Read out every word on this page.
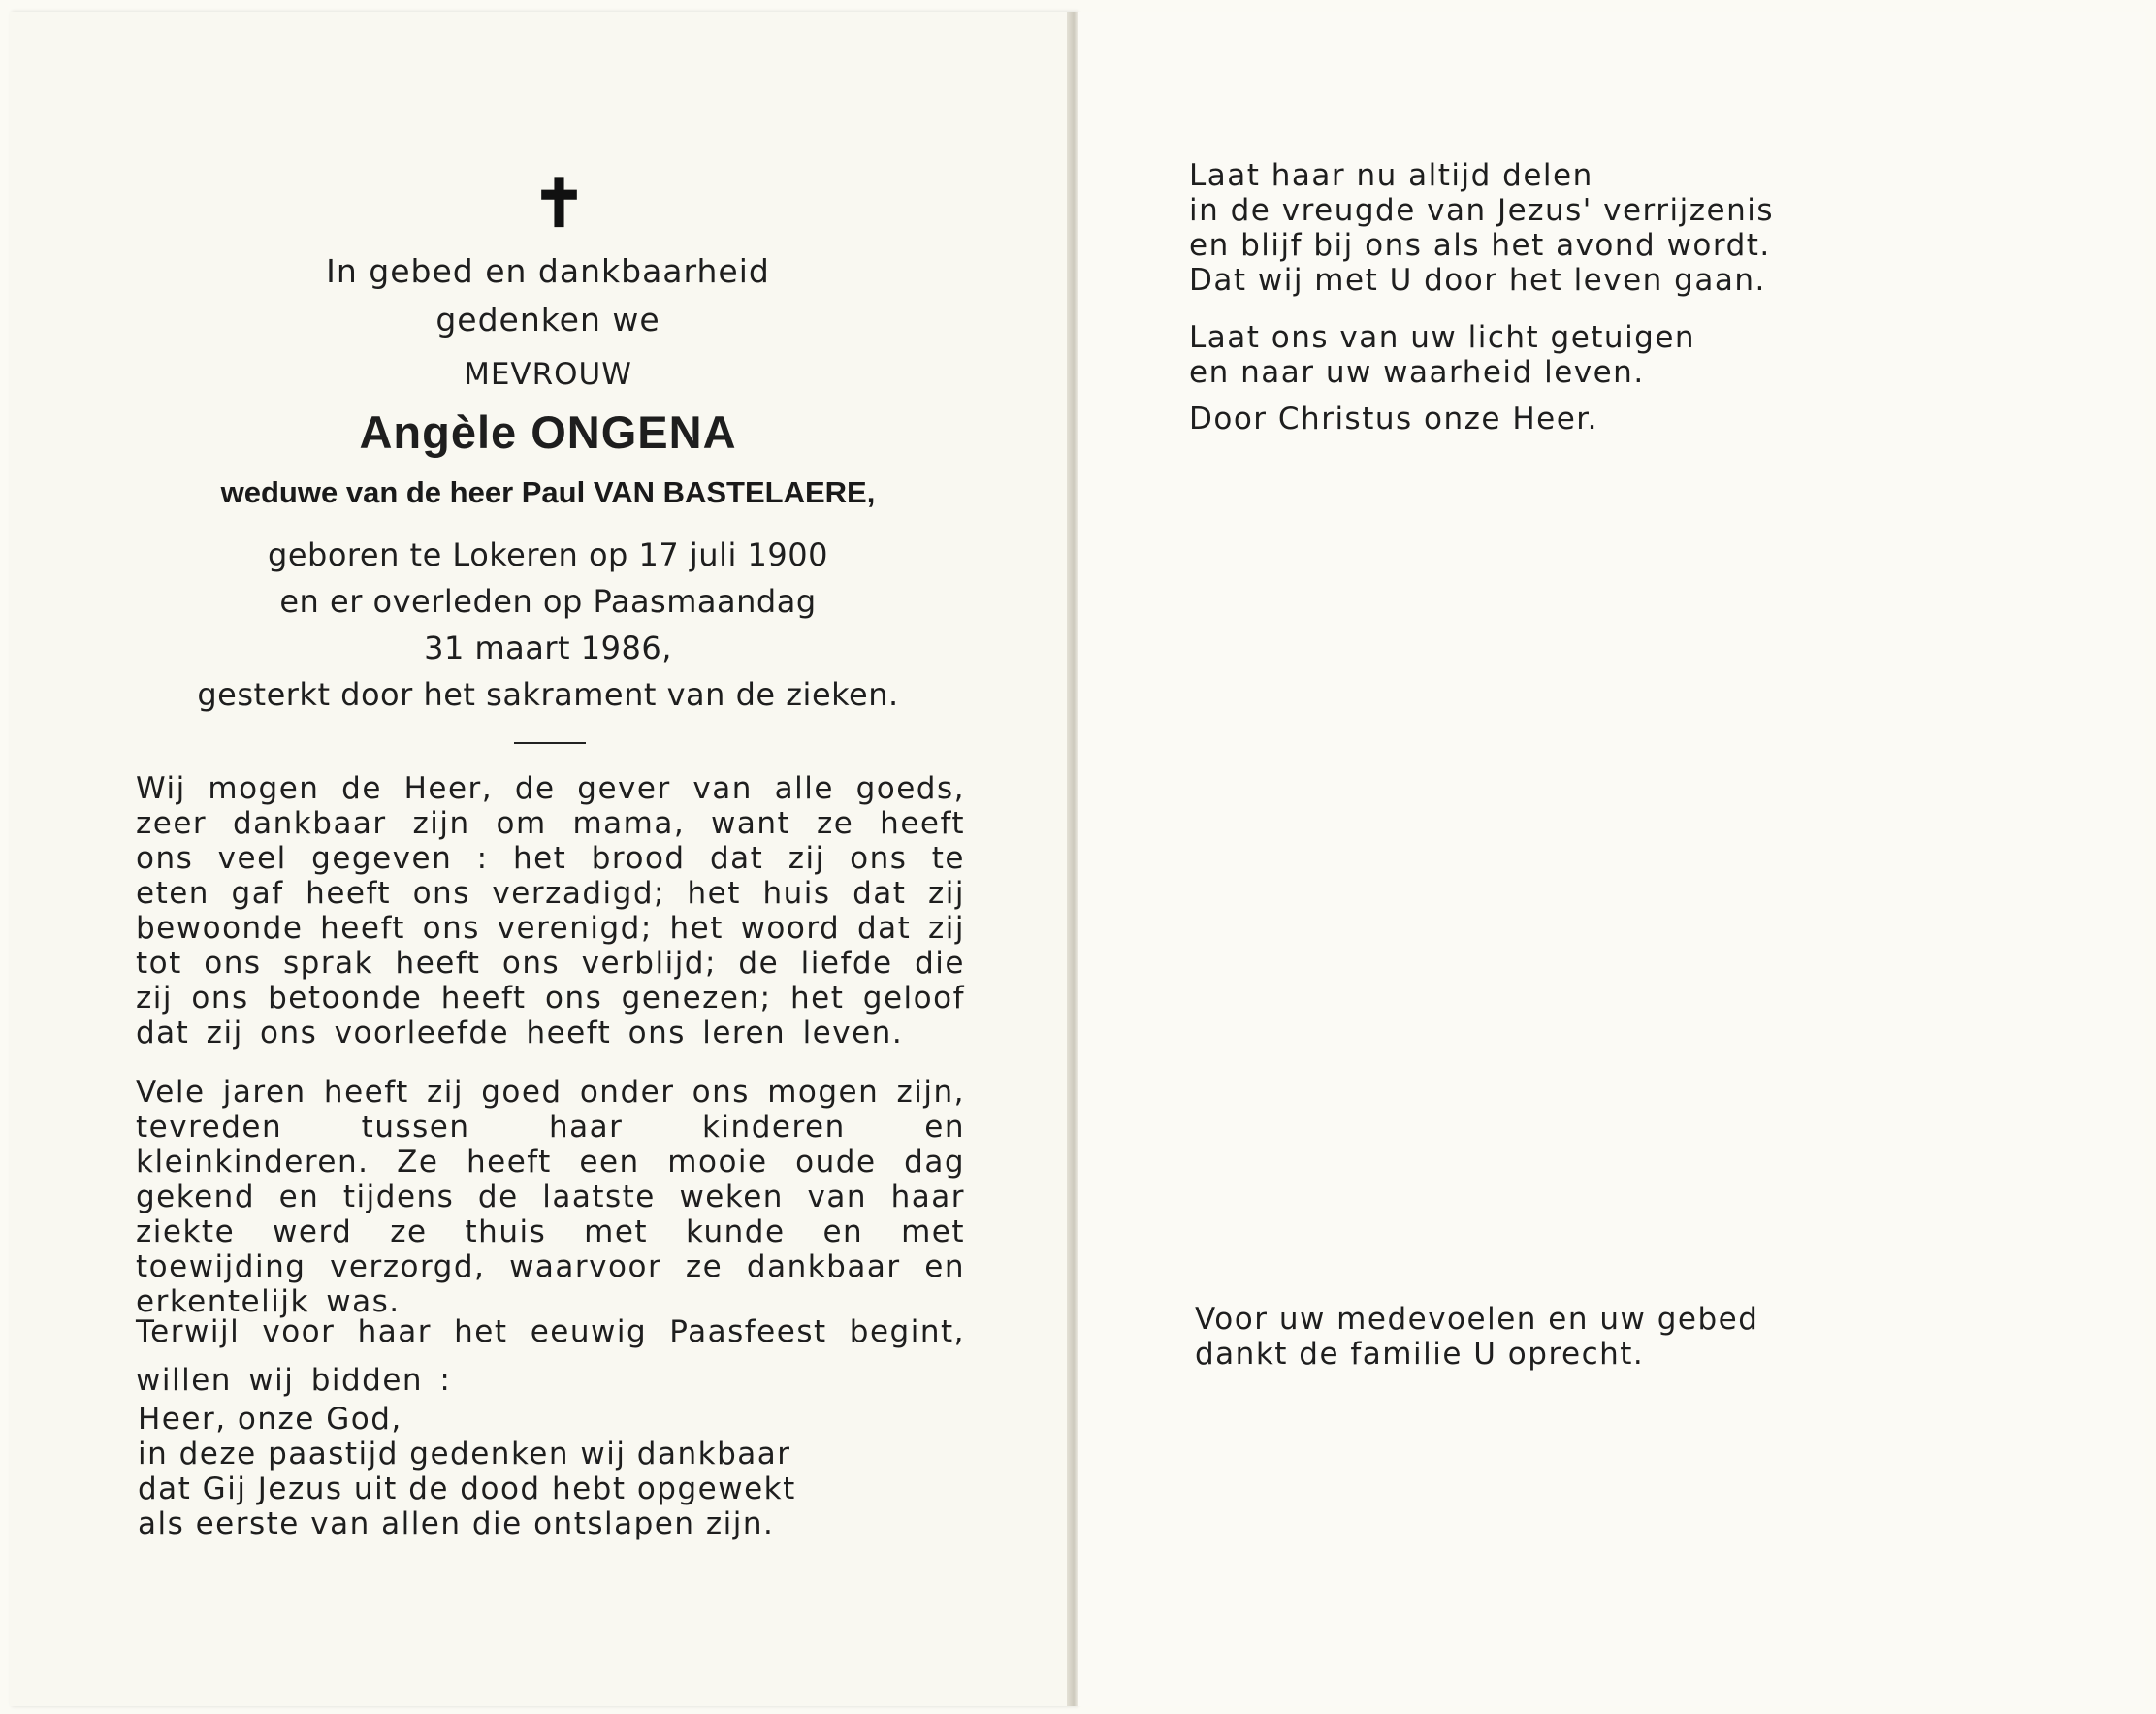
✝
In gebed en dankbaarheid
gedenken we
MEVROUW
Angèle ONGENA
weduwe van de heer Paul VAN BASTELAERE,
geboren te Lokeren op 17 juli 1900
en er overleden op Paasmaandag
31 maart 1986,
gesterkt door het sakrament van de zieken.
Wij mogen de Heer, de gever van alle goeds, zeer dankbaar zijn om mama, want ze heeft ons veel gegeven : het brood dat zij ons te eten gaf heeft ons verzadigd; het huis dat zij bewoonde heeft ons verenigd; het woord dat zij tot ons sprak heeft ons verblijd; de liefde die zij ons betoonde heeft ons genezen; het geloof dat zij ons voorleefde heeft ons leren leven.
Vele jaren heeft zij goed onder ons mogen zijn, tevreden tussen haar kinderen en kleinkinderen. Ze heeft een mooie oude dag gekend en tijdens de laatste weken van haar ziekte werd ze thuis met kunde en met toewijding verzorgd, waarvoor ze dankbaar en erkentelijk was.
Terwijl voor haar het eeuwig Paasfeest begint, willen wij bidden :
Heer, onze God,
in deze paastijd gedenken wij dankbaar
dat Gij Jezus uit de dood hebt opgewekt
als eerste van allen die ontslapen zijn.
Laat haar nu altijd delen
in de vreugde van Jezus' verrijzenis
en blijf bij ons als het avond wordt.
Dat wij met U door het leven gaan.
Laat ons van uw licht getuigen
en naar uw waarheid leven.
Door Christus onze Heer.
Voor uw medevoelen en uw gebed
dankt de familie U oprecht.
